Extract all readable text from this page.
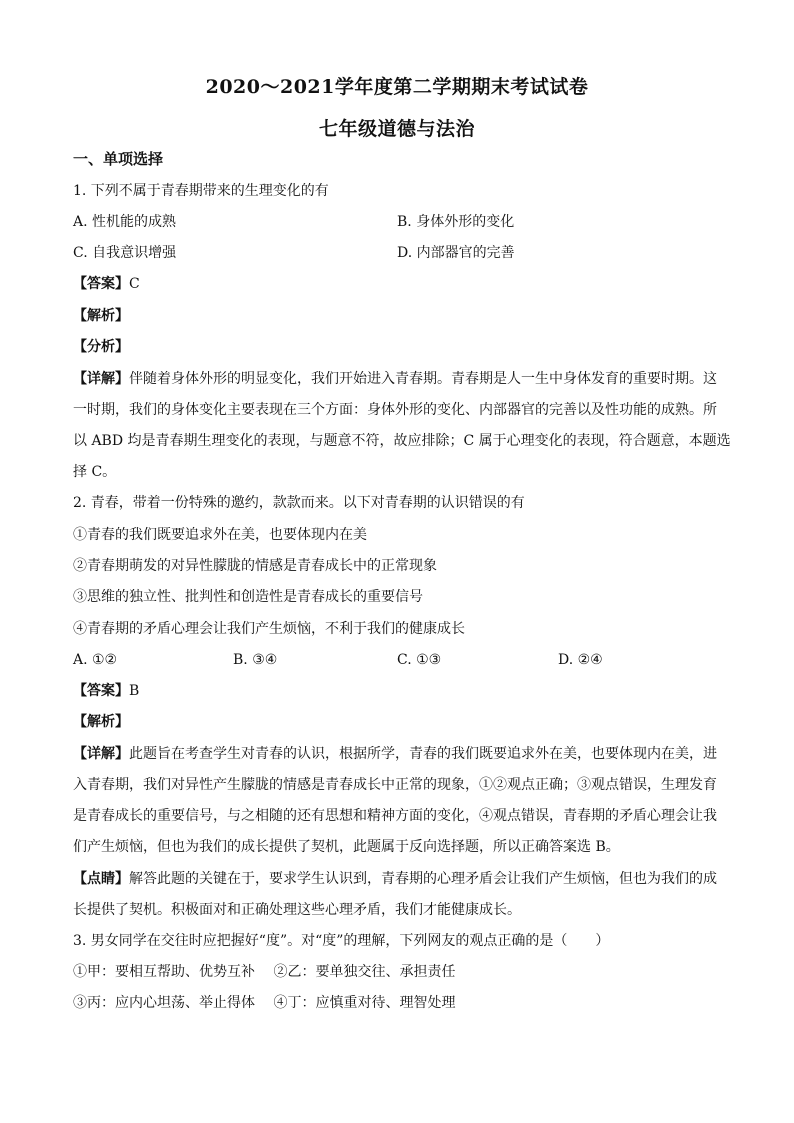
2020～2021学年度第二学期期末考试试卷
七年级道德与法治
一、单项选择
1. 下列不属于青春期带来的生理变化的有
A. 性机能的成熟	B. 身体外形的变化
C. 自我意识增强	D. 内部器官的完善
【答案】C
【解析】
【分析】
【详解】伴随着身体外形的明显变化，我们开始进入青春期。青春期是人一生中身体发育的重要时期。这
一时期，我们的身体变化主要表现在三个方面：身体外形的变化、内部器官的完善以及性功能的成熟。所
以 ABD 均是青春期生理变化的表现，与题意不符，故应排除；C 属于心理变化的表现，符合题意，本题选
择 C。
2. 青春，带着一份特殊的邀约，款款而来。以下对青春期的认识错误的有
①青春的我们既要追求外在美，也要体现内在美
②青春期萌发的对异性朦胧的情感是青春成长中的正常现象
③思维的独立性、批判性和创造性是青春成长的重要信号
④青春期的矛盾心理会让我们产生烦恼，不利于我们的健康成长
A. ①②	B. ③④	C. ①③	D. ②④
【答案】B
【解析】
【详解】此题旨在考查学生对青春的认识，根据所学，青春的我们既要追求外在美，也要体现内在美，进
入青春期，我们对异性产生朦胧的情感是青春成长中正常的现象，①②观点正确；③观点错误，生理发育
是青春成长的重要信号，与之相随的还有思想和精神方面的变化，④观点错误，青春期的矛盾心理会让我
们产生烦恼，但也为我们的成长提供了契机，此题属于反向选择题，所以正确答案选 B。
【点睛】解答此题的关键在于，要求学生认识到，青春期的心理矛盾会让我们产生烦恼，但也为我们的成
长提供了契机。积极面对和正确处理这些心理矛盾，我们才能健康成长。
3. 男女同学在交往时应把握好“度”。对“度”的理解，下列网友的观点正确的是（　　）
①甲：要相互帮助、优势互补　 ②乙：要单独交往、承担责任
③丙：应内心坦荡、举止得体　 ④丁：应慎重对待、理智处理
